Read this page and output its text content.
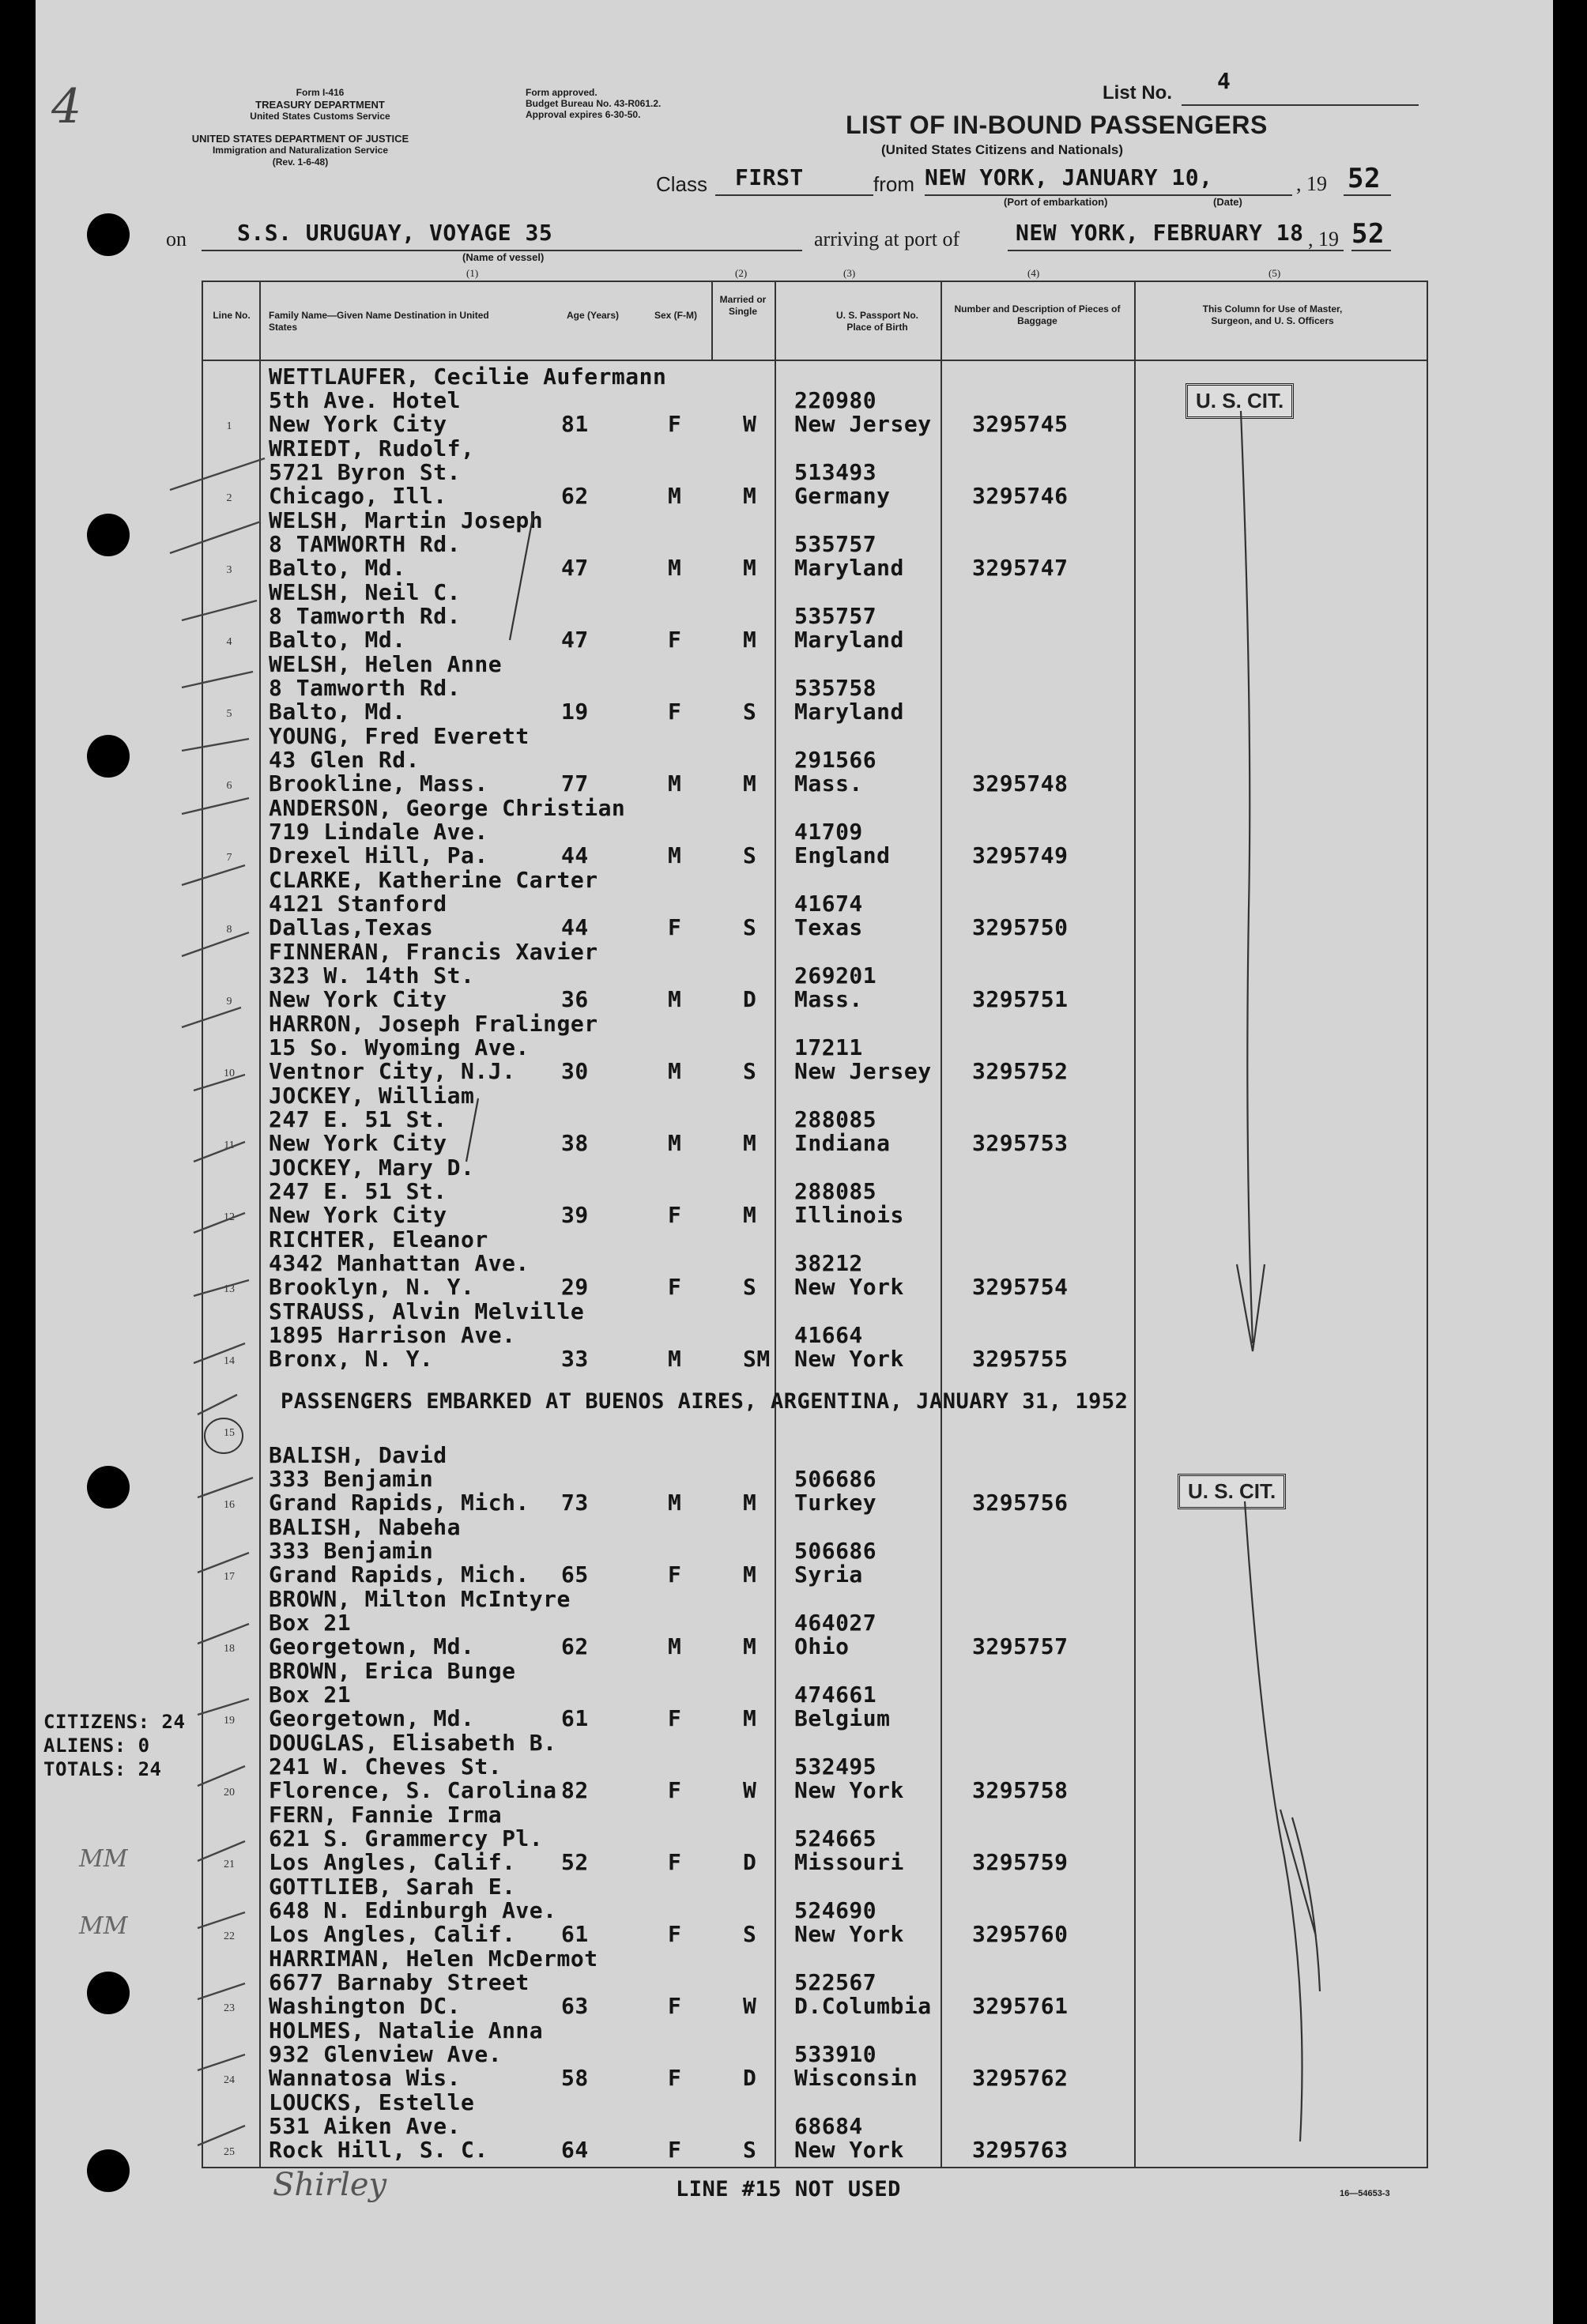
4	Form I-416
TREASURY DEPARTMENT
United States Customs Service
Form approved.
Budget Bureau No. 43-R061.2.
Approval expires 6-30-50.
UNITED STATES DEPARTMENT OF JUSTICE
Immigration and Naturalization Service
(Rev. 1-6-48)
List No. 4
LIST OF IN-BOUND PASSENGERS
(United States Citizens and Nationals)
Class FIRST	from NEW YORK, JANUARY 10,	, 19 52
(Port of embarkation)	(Date)
on S.S. URUGUAY, VOYAGE 35	arriving at port of	NEW YORK, FEBRUARY 18 , 19 52
(Name of vessel)
(1)	(2)	(3)	(4)	(5)
Line No.	Family Name—Given Name Destination in United States
Age (Years)	Sex (F-M)
Married or Single	U. S. Passport No. Place of Birth
Number and Description of Pieces of Baggage
This Column for Use of Master, Surgeon, and U. S. Officers
1
WETTLAUFER, Cecilie Aufermann
5th Ave. Hotel
New York City	81	F	W
220980
New Jersey 3295745
2
WRIEDT, Rudolf,
5721 Byron St.
Chicago, Ill.	62	M	M
513493
Germany	3295746
3
WELSH, Martin Joseph
8 TAMWORTH Rd.
Balto, Md.	47	M	M
535757
Maryland	3295747
4
WELSH, Neil C.
8 Tamworth Rd.
Balto, Md.	47	F	M
535757
Maryland
5
WELSH, Helen Anne
8 Tamworth Rd.
Balto, Md.	19	F	S
535758
Maryland
6
YOUNG, Fred Everett
43 Glen Rd.
Brookline, Mass.	77	M	M
291566
Mass.	3295748
7
ANDERSON, George Christian
719 Lindale Ave.
Drexel Hill, Pa.	44	M	S
41709
England	3295749
8
CLARKE, Katherine Carter
4121 Stanford
Dallas,Texas	44	F	S
41674
Texas	3295750
9
FINNERAN, Francis Xavier
323 W. 14th St.
New York City	36	M	D
269201
Mass.	3295751
10
HARRON, Joseph Fralinger
15 So. Wyoming Ave.
Ventnor City, N.J. 30	M	S
17211
New Jersey 3295752
11
JOCKEY, William
247 E. 51 St.
New York City	38	M	M
288085
Indiana	3295753
12
JOCKEY, Mary D.
247 E. 51 St.
New York City	39	F	M
288085
Illinois
13
RICHTER, Eleanor
4342 Manhattan Ave.
Brooklyn, N. Y.	29	F	S
38212
New York	3295754
14
STRAUSS, Alvin Melville
1895 Harrison Ave.
Bronx, N. Y.	33	M	SM
41664
New York	3295755
15
16
BALISH, David
333 Benjamin
Grand Rapids, Mich. 73	M	M
506686
Turkey	3295756
17
BALISH, Nabeha
333 Benjamin
Grand Rapids, Mich. 65	F	M
506686
Syria
18
BROWN, Milton McIntyre
Box 21
Georgetown, Md.	62	M	M
464027
Ohio	3295757
19
BROWN, Erica Bunge
Box 21
Georgetown, Md.	61	F	M
474661
Belgium
20
DOUGLAS, Elisabeth B.
241 W. Cheves St.
Florence, S. Carolina 82	F	W
532495
New York	3295758
21
FERN, Fannie Irma
621 S. Grammercy Pl.
Los Angles, Calif. 52	F	D
524665
Missouri	3295759
22
GOTTLIEB, Sarah E.
648 N. Edinburgh Ave.
Los Angles, Calif. 61	F	S
524690
New York	3295760
23
HARRIMAN, Helen McDermot
6677 Barnaby Street
Washington DC.	63	F	W
522567
D.Columbia 3295761
24
HOLMES, Natalie Anna
932 Glenview Ave.
Wannatosa Wis.	58	F	D
533910
Wisconsin 3295762
25
LOUCKS, Estelle
531 Aiken Ave.
Rock Hill, S. C.	64	F	S
68684
New York	3295763
U. S. CIT.
U. S. CIT.
PASSENGERS EMBARKED AT BUENOS AIRES, ARGENTINA, JANUARY 31, 1952
CITIZENS: 24
ALIENS: 0
TOTALS: 24
MM
MM
Shirley	LINE #15 NOT USED	16—54653-3
